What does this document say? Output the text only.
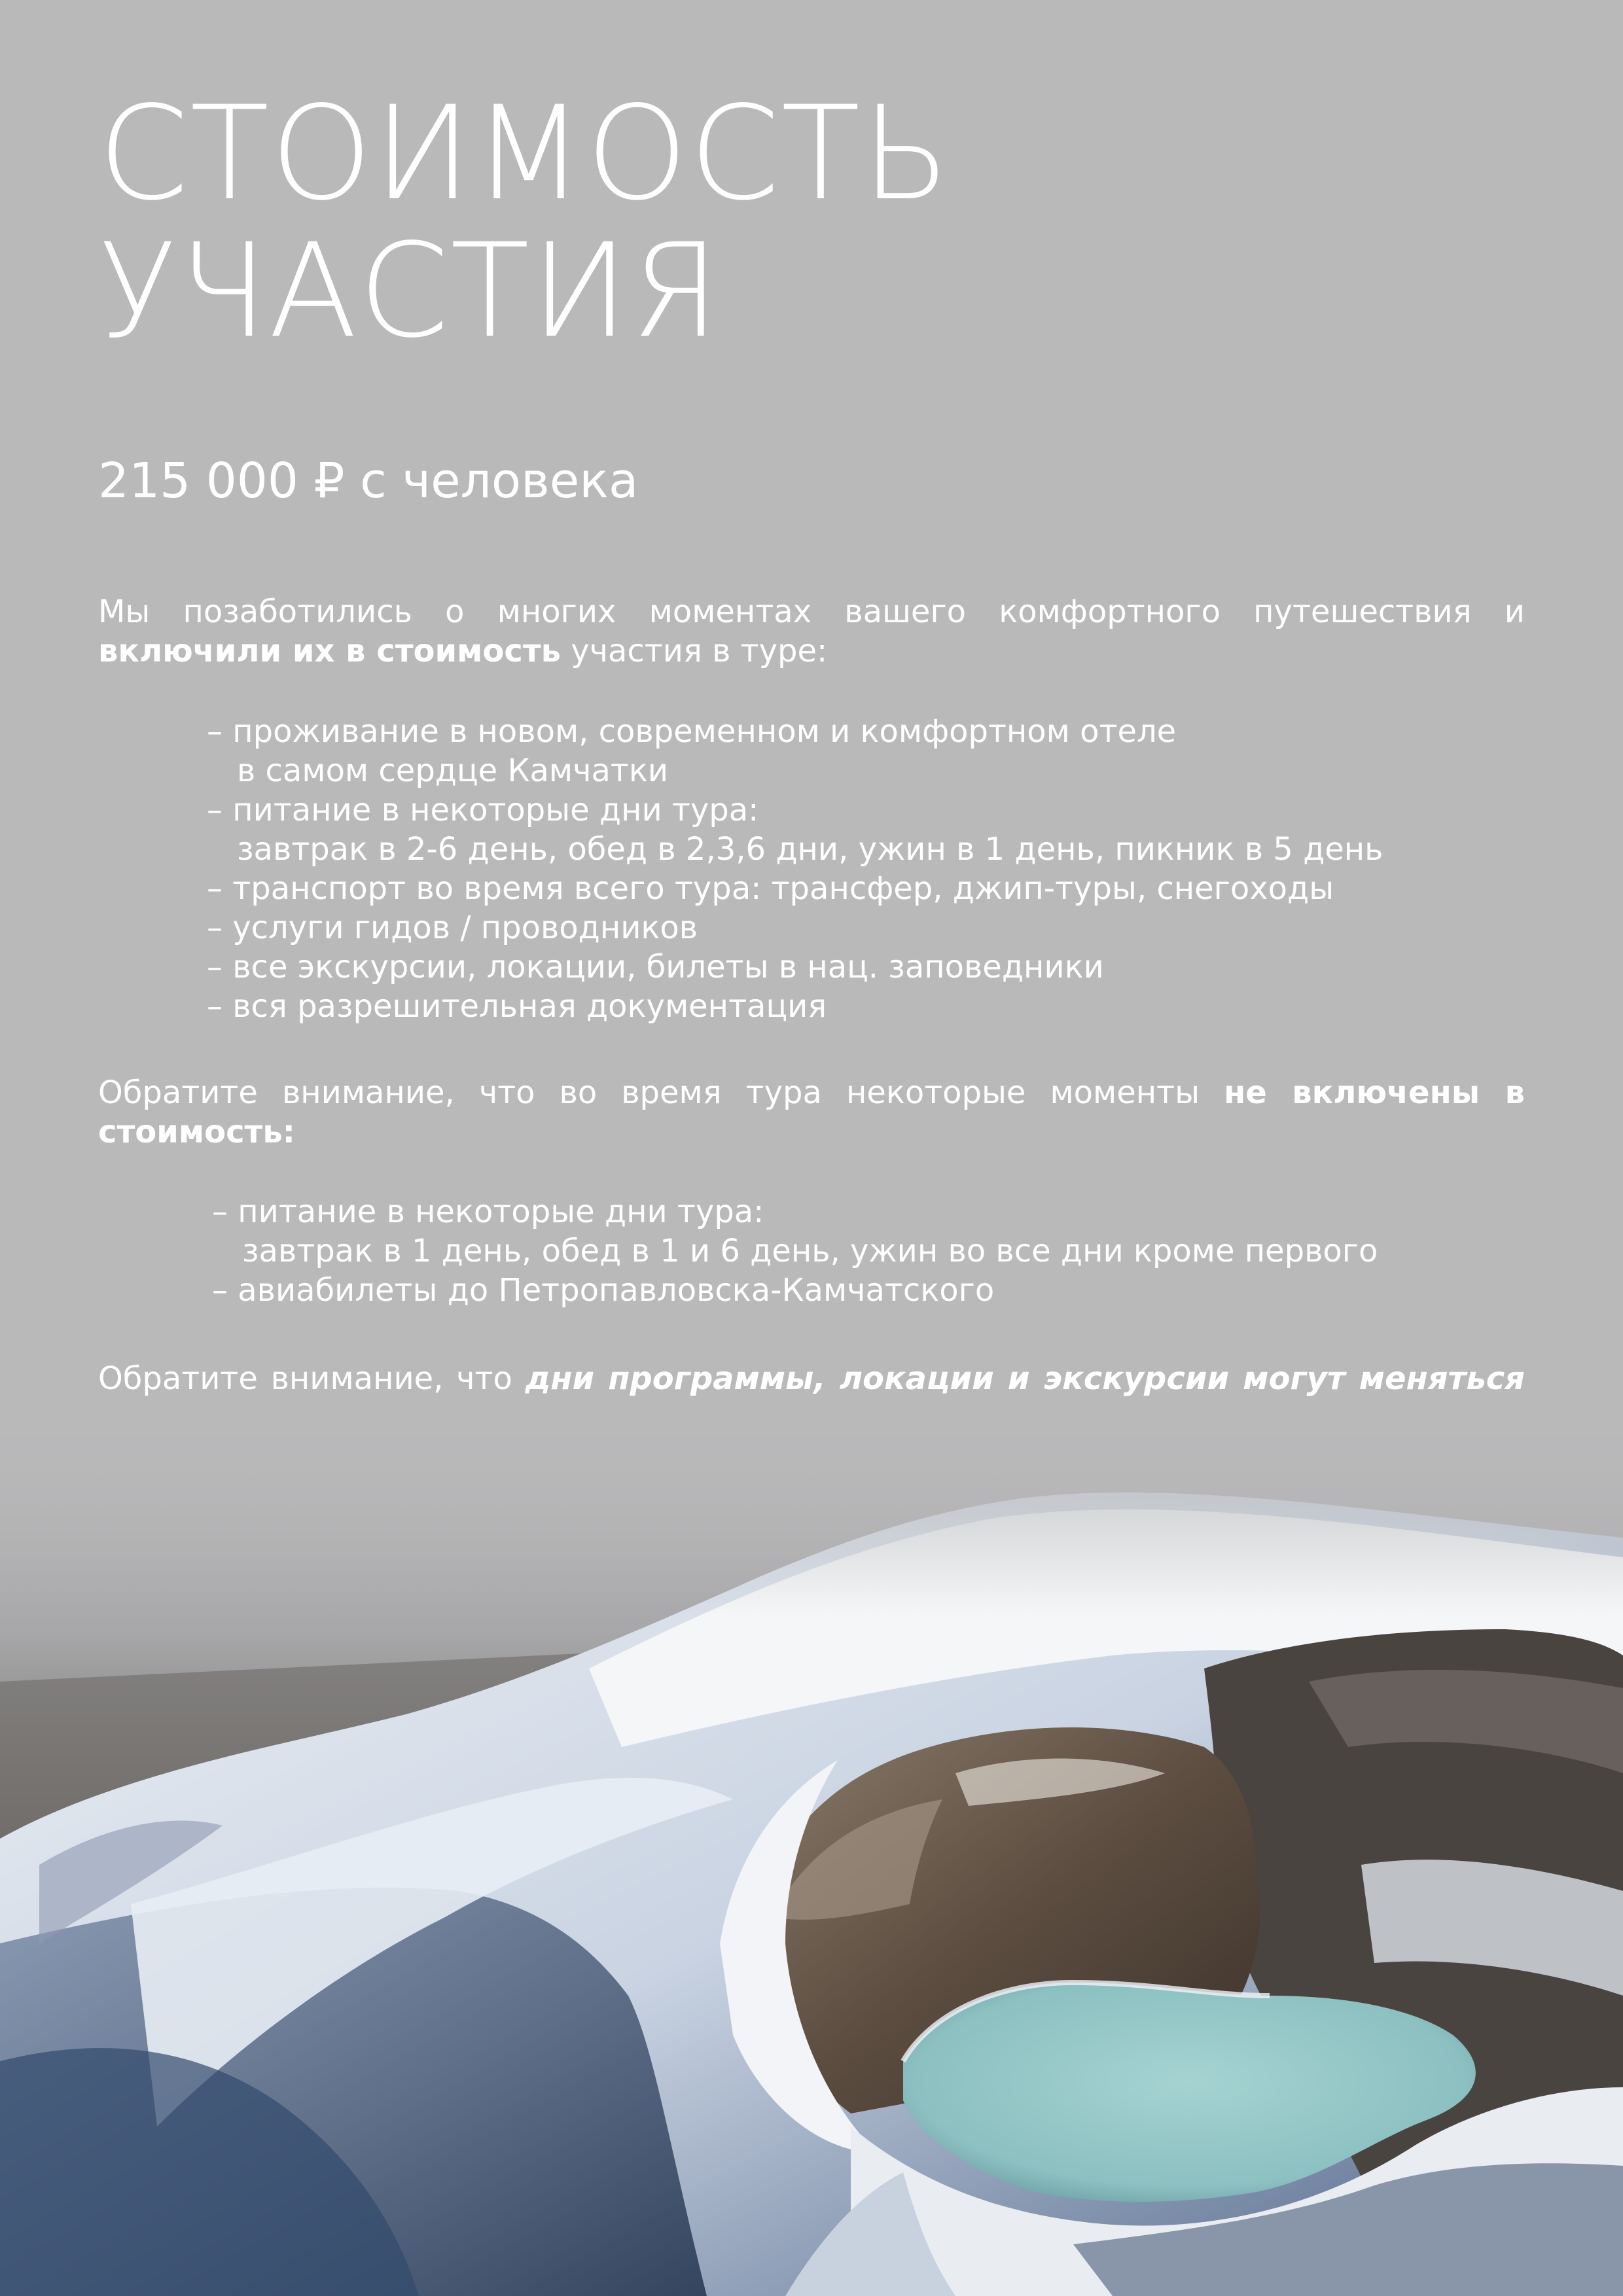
СТОИМОСТЬ
УЧАСТИЯ
215 000 ₽ с человека

Мы позаботились о многих моментах вашего комфортного путешествия и включили их в стоимость участия в туре:

– проживание в новом, современном и комфортном отеле
в самом сердце Камчатки
– питание в некоторые дни тура:
завтрак в 2-6 день, обед в 2,3,6 дни, ужин в 1 день, пикник в 5 день
– транспорт во время всего тура: трансфер, джип-туры, снегоходы
– услуги гидов / проводников
– все экскурсии, локации, билеты в нац. заповедники
– вся разрешительная документация

Обратите внимание, что во время тура некоторые моменты не включены в стоимость:

– питание в некоторые дни тура:
завтрак в 1 день, обед в 1 и 6 день, ужин во все дни кроме первого
– авиабилеты до Петропавловска-Камчатского

Обратите внимание, что дни программы, локации и экскурсии могут меняться
